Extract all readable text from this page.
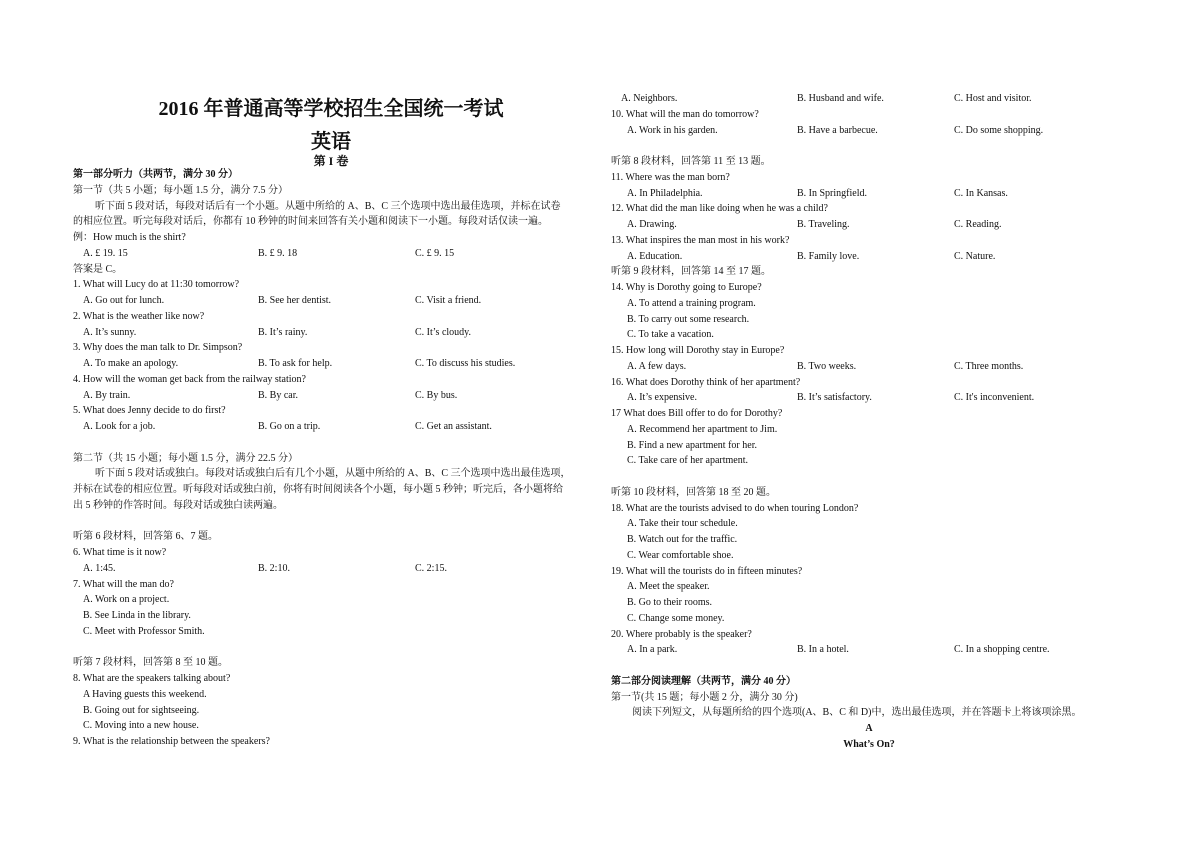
2016 年普通高等学校招生全国统一考试
英语
第 I 卷
第一部分听力（共两节，满分 30 分）
第一节（共 5 小题；每小题 1.5 分，满分 7.5 分）
听下面 5 段对话，每段对话后有一个小题。从题中所给的 A、B、C 三个选项中选出最佳选项，并标在试卷
的相应位置。听完每段对话后，你都有 10 秒钟的时间来回答有关小题和阅读下一小题。每段对话仅读一遍。
例：How much is the shirt?
A. £ 19. 15	B. £ 9. 18	C. £ 9. 15
答案是 C。
1. What will Lucy do at 11:30 tomorrow?
A. Go out for lunch.	B. See her dentist.	C. Visit a friend.
2. What is the weather like now?
A. It’s sunny.	B. It’s rainy.	C. It’s cloudy.
3. Why does the man talk to Dr. Simpson?
A. To make an apology.	B. To ask for help.	C. To discuss his studies.
4. How will the woman get back from the railway station?
A. By train.	B. By car.	C. By bus.
5. What does Jenny decide to do first?
A. Look for a job.	B. Go on a trip.	C. Get an assistant.
第二节（共 15 小题；每小题 1.5 分，满分 22.5 分）
听下面 5 段对话或独白。每段对话或独白后有几个小题，从题中所给的 A、B、C 三个选项中选出最佳选项，
并标在试卷的相应位置。听每段对话或独白前，你将有时间阅读各个小题，每小题 5 秒钟；听完后，各小题将给
出 5 秒钟的作答时间。每段对话或独白读两遍。
听第 6 段材料，回答第 6、7 题。
6. What time is it now?
A. 1:45.	B. 2:10.	C. 2:15.
7. What will the man do?
A. Work on a project.
B. See Linda in the library.
C. Meet with Professor Smith.
听第 7 段材料，回答第 8 至 10 题。
8. What are the speakers talking about?
A Having guests this weekend.
B. Going out for sightseeing.
C. Moving into a new house.
9. What is the relationship between the speakers?
A. Neighbors.	B. Husband and wife.	C. Host and visitor.
10. What will the man do tomorrow?
A. Work in his garden.	B. Have a barbecue.	C. Do some shopping.
听第 8 段材料，回答第 11 至 13 题。
11. Where was the man born?
A. In Philadelphia.	B. In Springfield.	C. In Kansas.
12. What did the man like doing when he was a child?
A. Drawing.	B. Traveling.	C. Reading.
13. What inspires the man most in his work?
A. Education.	B. Family love.	C. Nature.
听第 9 段材料，回答第 14 至 17 题。
14. Why is Dorothy going to Europe?
A. To attend a training program.
B. To carry out some research.
C. To take a vacation.
15. How long will Dorothy stay in Europe?
A. A few days.	B. Two weeks.	C. Three months.
16. What does Dorothy think of her apartment?
A. It’s expensive.	B. It’s satisfactory.	C. It's inconvenient.
17 What does Bill offer to do for Dorothy?
A. Recommend her apartment to Jim.
B. Find a new apartment for her.
C. Take care of her apartment.
听第 10 段材料，回答第 18 至 20 题。
18. What are the tourists advised to do when touring London?
A. Take their tour schedule.
B. Watch out for the traffic.
C. Wear comfortable shoe.
19. What will the tourists do in fifteen minutes?
A. Meet the speaker.
B. Go to their rooms.
C. Change some money.
20. Where probably is the speaker?
A. In a park.	B. In a hotel.	C. In a shopping centre.
第二部分阅读理解（共两节，满分 40 分）
第一节(共 15 题；每小题 2 分，满分 30 分)
阅读下列短文，从每题所给的四个选项(A、B、C 和 D)中，选出最佳选项，并在答题卡上将该项涂黑。
A
What’s On?
